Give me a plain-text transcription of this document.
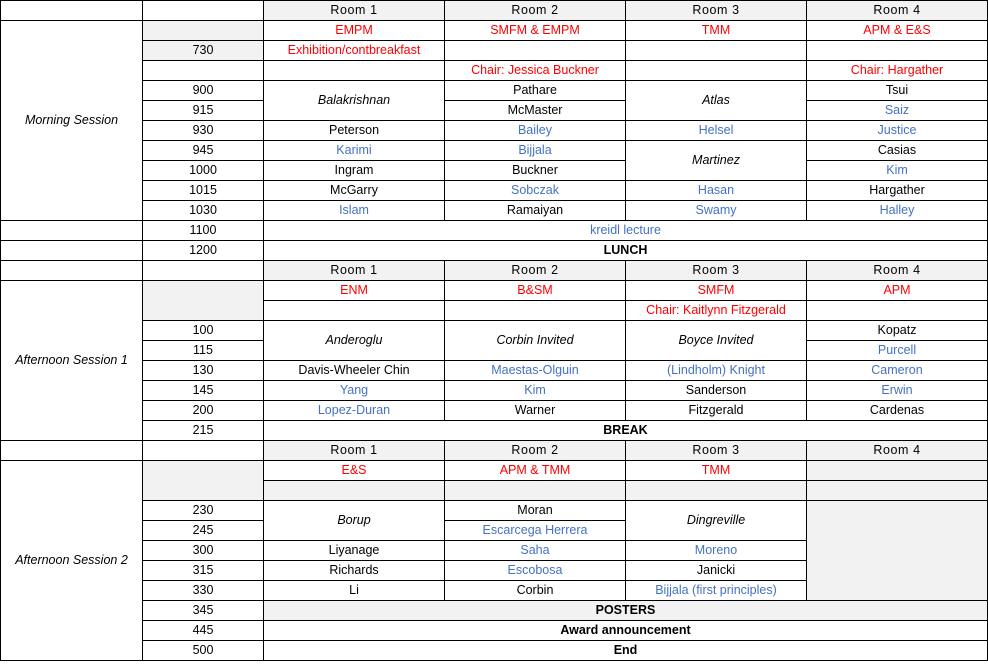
		Room 1	Room 2	Room 3	Room 4
Morning Session		EMPM	SMFM & EMPM	TMM	APM & E&S
	730	Exhibition/contbreakfast			
			Chair: Jessica Buckner		Chair: Hargather
	900	Balakrishnan	Pathare	Atlas	Tsui
	915		McMaster		Saiz
	930	Peterson	Bailey	Helsel	Justice
	945	Karimi	Bijjala	Martinez	Casias
	1000	Ingram	Buckner		Kim
	1015	McGarry	Sobczak	Hasan	Hargather
	1030	Islam	Ramaiyan	Swamy	Halley
	1100	kreidl lecture			
	1200	LUNCH			
		Room 1	Room 2	Room 3	Room 4
Afternoon Session 1		ENM	B&SM	SMFM	APM
				Chair: Kaitlynn Fitzgerald	
	100	Anderoglu	Corbin Invited	Boyce Invited	Kopatz
	115				Purcell
	130	Davis-Wheeler Chin	Maestas-Olguin	(Lindholm) Knight	Cameron
	145	Yang	Kim	Sanderson	Erwin
	200	Lopez-Duran	Warner	Fitzgerald	Cardenas
	215	BREAK			
		Room 1	Room 2	Room 3	Room 4
Afternoon Session 2		E&S	APM & TMM	TMM	

	230	Borup	Moran	Dingreville	
	245		Escarcega Herrera		
	300	Liyanage	Saha	Moreno	
	315	Richards	Escobosa	Janicki	
	330	Li	Corbin	Bijjala (first principles)	
	345	POSTERS			
	445	Award announcement			
	500	End			
